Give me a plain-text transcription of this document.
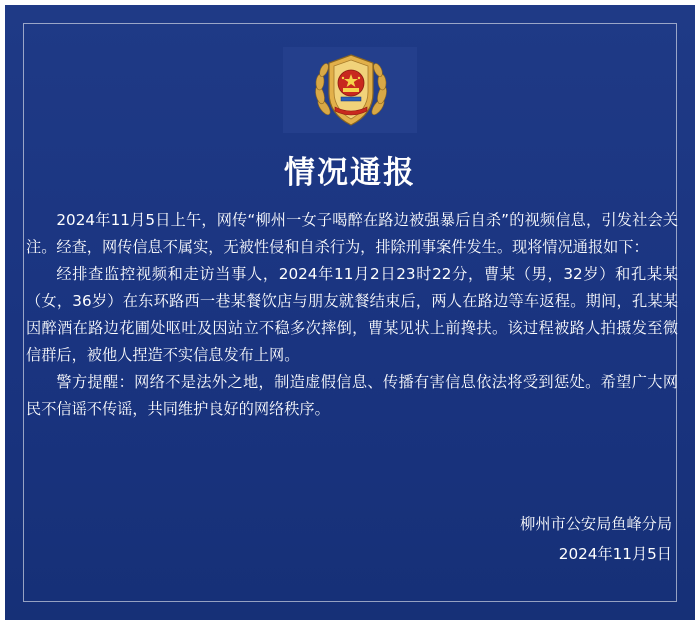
情况通报

2024年11月5日上午，网传“柳州一女子喝醉在路边被强暴后自杀”的视频信息，引发社会关注。经查，网传信息不属实，无被性侵和自杀行为，排除刑事案件发生。现将情况通报如下：

经排查监控视频和走访当事人，2024年11月2日23时22分，曹某（男，32岁）和孔某某（女，36岁）在东环路西一巷某餐饮店与朋友就餐结束后，两人在路边等车返程。期间，孔某某因醉酒在路边花圃处呕吐及因站立不稳多次摔倒，曹某见状上前搀扶。该过程被路人拍摄发至微信群后，被他人捏造不实信息发布上网。

警方提醒：网络不是法外之地，制造虚假信息、传播有害信息依法将受到惩处。希望广大网民不信谣不传谣，共同维护良好的网络秩序。

柳州市公安局鱼峰分局
2024年11月5日
